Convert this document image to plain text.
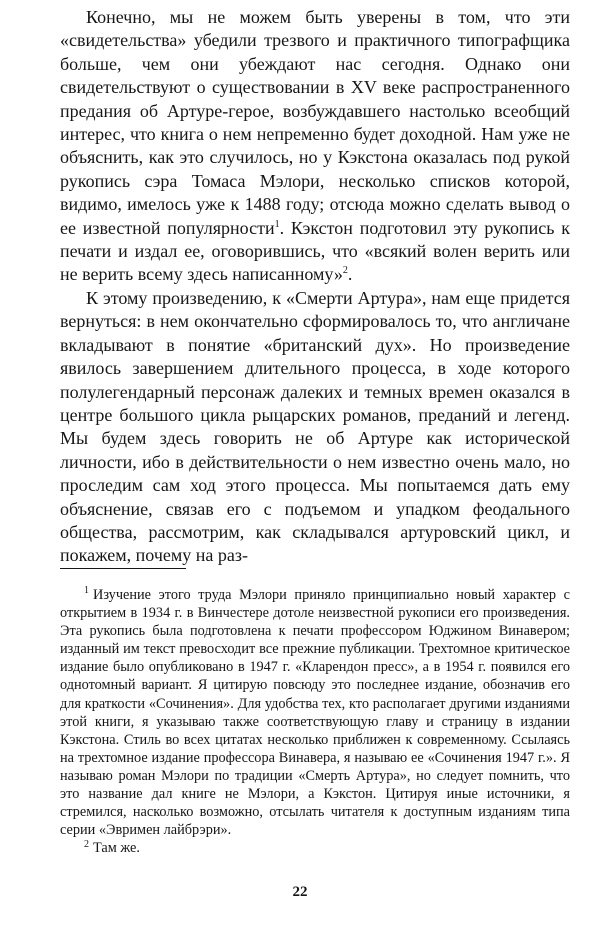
Конечно, мы не можем быть уверены в том, что эти «свидетельства» убедили трезвого и практичного типографщика больше, чем они убеждают нас сегодня. Однако они свидетельствуют о существовании в XV веке распространенного предания об Артуре-герое, возбуждавшего настолько всеобщий интерес, что книга о нем непременно будет доходной. Нам уже не объяснить, как это случилось, но у Кэкстона оказалась под рукой рукопись сэра Томаса Мэлори, несколько списков которой, видимо, имелось уже к 1488 году; отсюда можно сделать вывод о ее известной популярности$^1$. Кэкстон подготовил эту рукопись к печати и издал ее, оговорившись, что «всякий волен верить или не верить всему здесь написанному»$^2$.

К этому произведению, к «Смерти Артура», нам еще придется вернуться: в нем окончательно сформировалось то, что англичане вкладывают в понятие «британский дух». Но произведение явилось завершением длительного процесса, в ходе которого полулегендарный персонаж далеких и темных времен оказался в центре большого цикла рыцарских романов, преданий и легенд. Мы будем здесь говорить не об Артуре как исторической личности, ибо в действительности о нем известно очень мало, но проследим сам ход этого процесса. Мы попытаемся дать ему объяснение, связав его с подъемом и упадком феодального общества, рассмотрим, как складывался артуровский цикл, и покажем, почему на раз-

$^1$ Изучение этого труда Мэлори приняло принципиально новый характер с открытием в 1934 г. в Винчестере дотоле неизвестной рукописи его произведения. Эта рукопись была подготовлена к печати профессором Юджином Винавером; изданный им текст превосходит все прежние публикации. Трехтомное критическое издание было опубликовано в 1947 г. «Кларендон пресс», а в 1954 г. появился его однотомный вариант. Я цитирую повсюду это последнее издание, обозначив его для краткости «Сочинения». Для удобства тех, кто располагает другими изданиями этой книги, я указываю также соответствующую главу и страницу в издании Кэкстона. Стиль во всех цитатах несколько приближен к современному. Ссылаясь на трехтомное издание профессора Винавера, я называю ее «Сочинения 1947 г.». Я называю роман Мэлори по традиции «Смерть Артура», но следует помнить, что это название дал книге не Мэлори, а Кэкстон. Цитируя иные источники, я стремился, насколько возможно, отсылать читателя к доступным изданиям типа серии «Эвримен лайбрэри».

$^2$ Там же.

22
